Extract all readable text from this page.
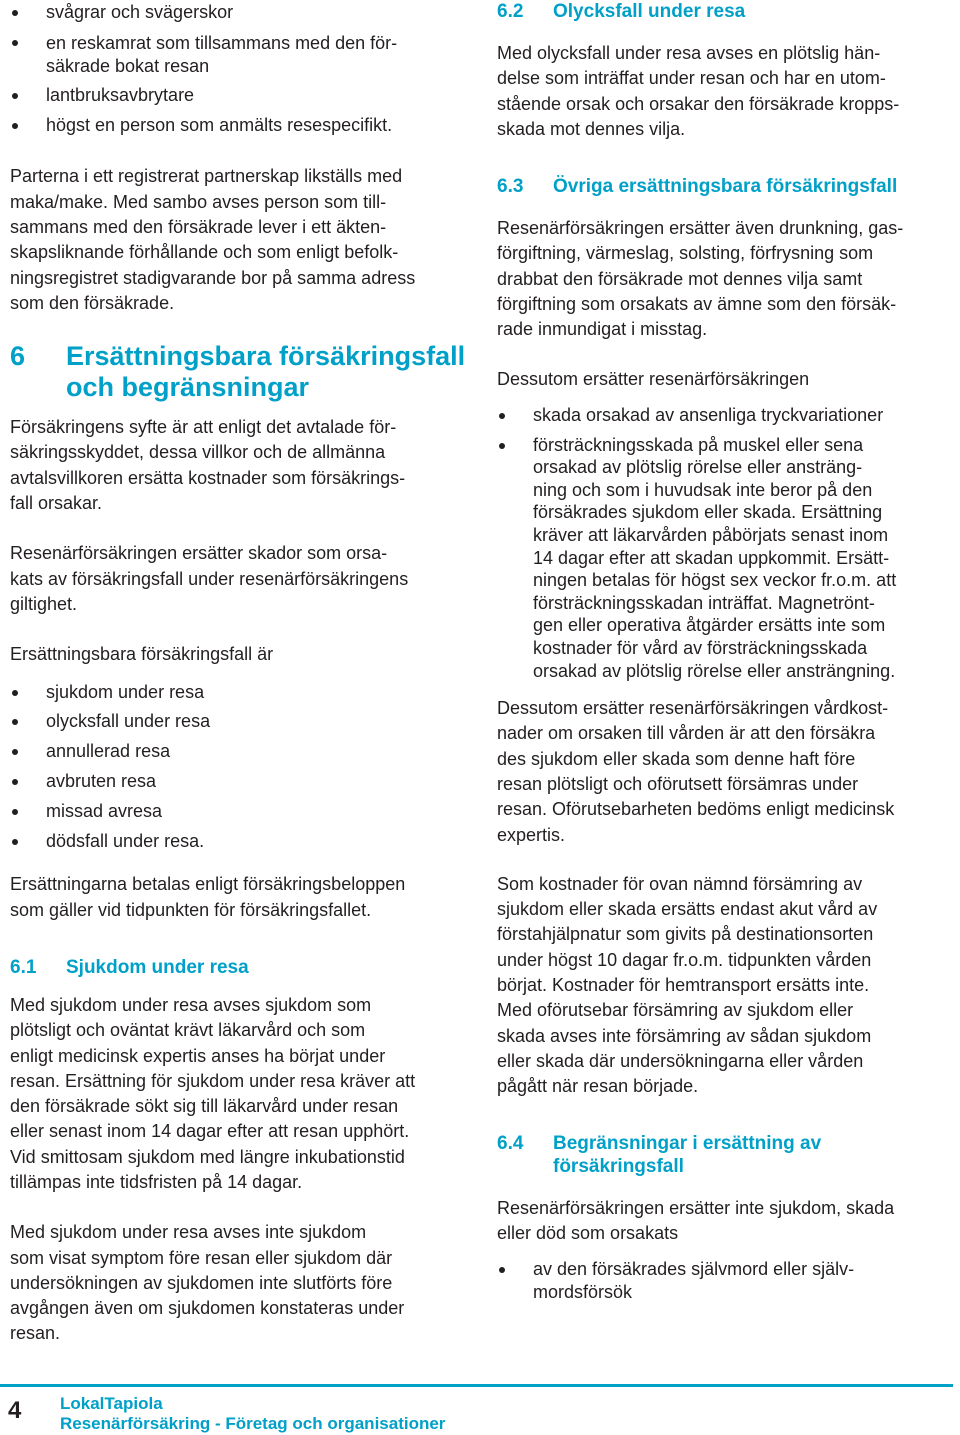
svågrar och svägerskor
en reskamrat som tillsammans med den för-
säkrade bokat resan
lantbruksavbrytare
högst en person som anmälts resespecifikt.

Parterna i ett registrerat partnerskap likställs med
maka/make. Med sambo avses person som till-
sammans med den försäkrade lever i ett äkten-
skapsliknande förhållande och som enligt befolk-
ningsregistret stadigvarande bor på samma adress
som den försäkrade.

6	Ersättningsbara försäkringsfall
och begränsningar

Försäkringens syfte är att enligt det avtalade för-
säkringsskyddet, dessa villkor och de allmänna
avtalsvillkoren ersätta kostnader som försäkrings-
fall orsakar.

Resenärförsäkringen ersätter skador som orsa-
kats av försäkringsfall under resenärförsäkringens
giltighet.

Ersättningsbara försäkringsfall är

sjukdom under resa
olycksfall under resa
annullerad resa
avbruten resa
missad avresa
dödsfall under resa.

Ersättningarna betalas enligt försäkringsbeloppen
som gäller vid tidpunkten för försäkringsfallet.

6.1	Sjukdom under resa

Med sjukdom under resa avses sjukdom som
plötsligt och oväntat krävt läkarvård och som
enligt medicinsk expertis anses ha börjat under
resan. Ersättning för sjukdom under resa kräver att
den försäkrade sökt sig till läkarvård under resan
eller senast inom 14 dagar efter att resan upphört.
Vid smittosam sjukdom med längre inkubationstid
tillämpas inte tidsfristen på 14 dagar.

Med sjukdom under resa avses inte sjukdom
som visat symptom före resan eller sjukdom där
undersökningen av sjukdomen inte slutförts före
avgången även om sjukdomen konstateras under
resan.

6.2	Olycksfall under resa

Med olycksfall under resa avses en plötslig hän-
delse som inträffat under resan och har en utom-
stående orsak och orsakar den försäkrade kropps-
skada mot dennes vilja.

6.3	Övriga ersättningsbara försäkringsfall

Resenärförsäkringen ersätter även drunkning, gas-
förgiftning, värmeslag, solsting, förfrysning som
drabbat den försäkrade mot dennes vilja samt
förgiftning som orsakats av ämne som den försäk-
rade inmundigat i misstag.

Dessutom ersätter resenärförsäkringen

skada orsakad av ansenliga tryckvariationer
försträckningsskada på muskel eller sena
orsakad av plötslig rörelse eller ansträng-
ning och som i huvudsak inte beror på den
försäkrades sjukdom eller skada. Ersättning
kräver att läkarvården påbörjats senast inom
14 dagar efter att skadan uppkommit. Ersätt-
ningen betalas för högst sex veckor fr.o.m. att
försträckningsskadan inträffat. Magnetrönt-
gen eller operativa åtgärder ersätts inte som
kostnader för vård av försträckningsskada
orsakad av plötslig rörelse eller ansträngning.

Dessutom ersätter resenärförsäkringen vårdkost-
nader om orsaken till vården är att den försäkra
des sjukdom eller skada som denne haft före
resan plötsligt och oförutsett försämras under
resan. Oförutsebarheten bedöms enligt medicinsk
expertis.

Som kostnader för ovan nämnd försämring av
sjukdom eller skada ersätts endast akut vård av
förstahjälpnatur som givits på destinationsorten
under högst 10 dagar fr.o.m. tidpunkten vården
börjat. Kostnader för hemtransport ersätts inte.
Med oförutsebar försämring av sjukdom eller
skada avses inte försämring av sådan sjukdom
eller skada där undersökningarna eller vården
pågått när resan började.

6.4	Begränsningar i ersättning av
försäkringsfall

Resenärförsäkringen ersätter inte sjukdom, skada
eller död som orsakats

av den försäkrades självmord eller själv-
mordsförsök
4 LokalTapiola
Resenärförsäkring - Företag och organisationer
